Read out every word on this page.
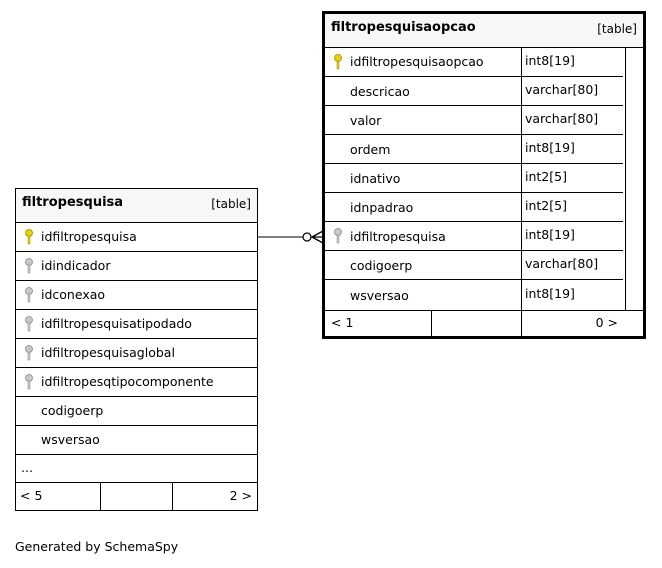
filtropesquisa	[table]
idfiltropesquisa
idindicador
idconexao
idfiltropesquisatipodado
idfiltropesquisaglobal
idfiltropesqtipocomponente
codigoerp
wsversao
...
< 5	2 >
filtropesquisaopcao	[table]
idfiltropesquisaopcao	int8[19]
descricao	varchar[80]
valor	varchar[80]
ordem	int8[19]
idnativo	int2[5]
idnpadrao	int2[5]
idfiltropesquisa	int8[19]
codigoerp	varchar[80]
wsversao	int8[19]
< 1	0 >
Generated by SchemaSpy
